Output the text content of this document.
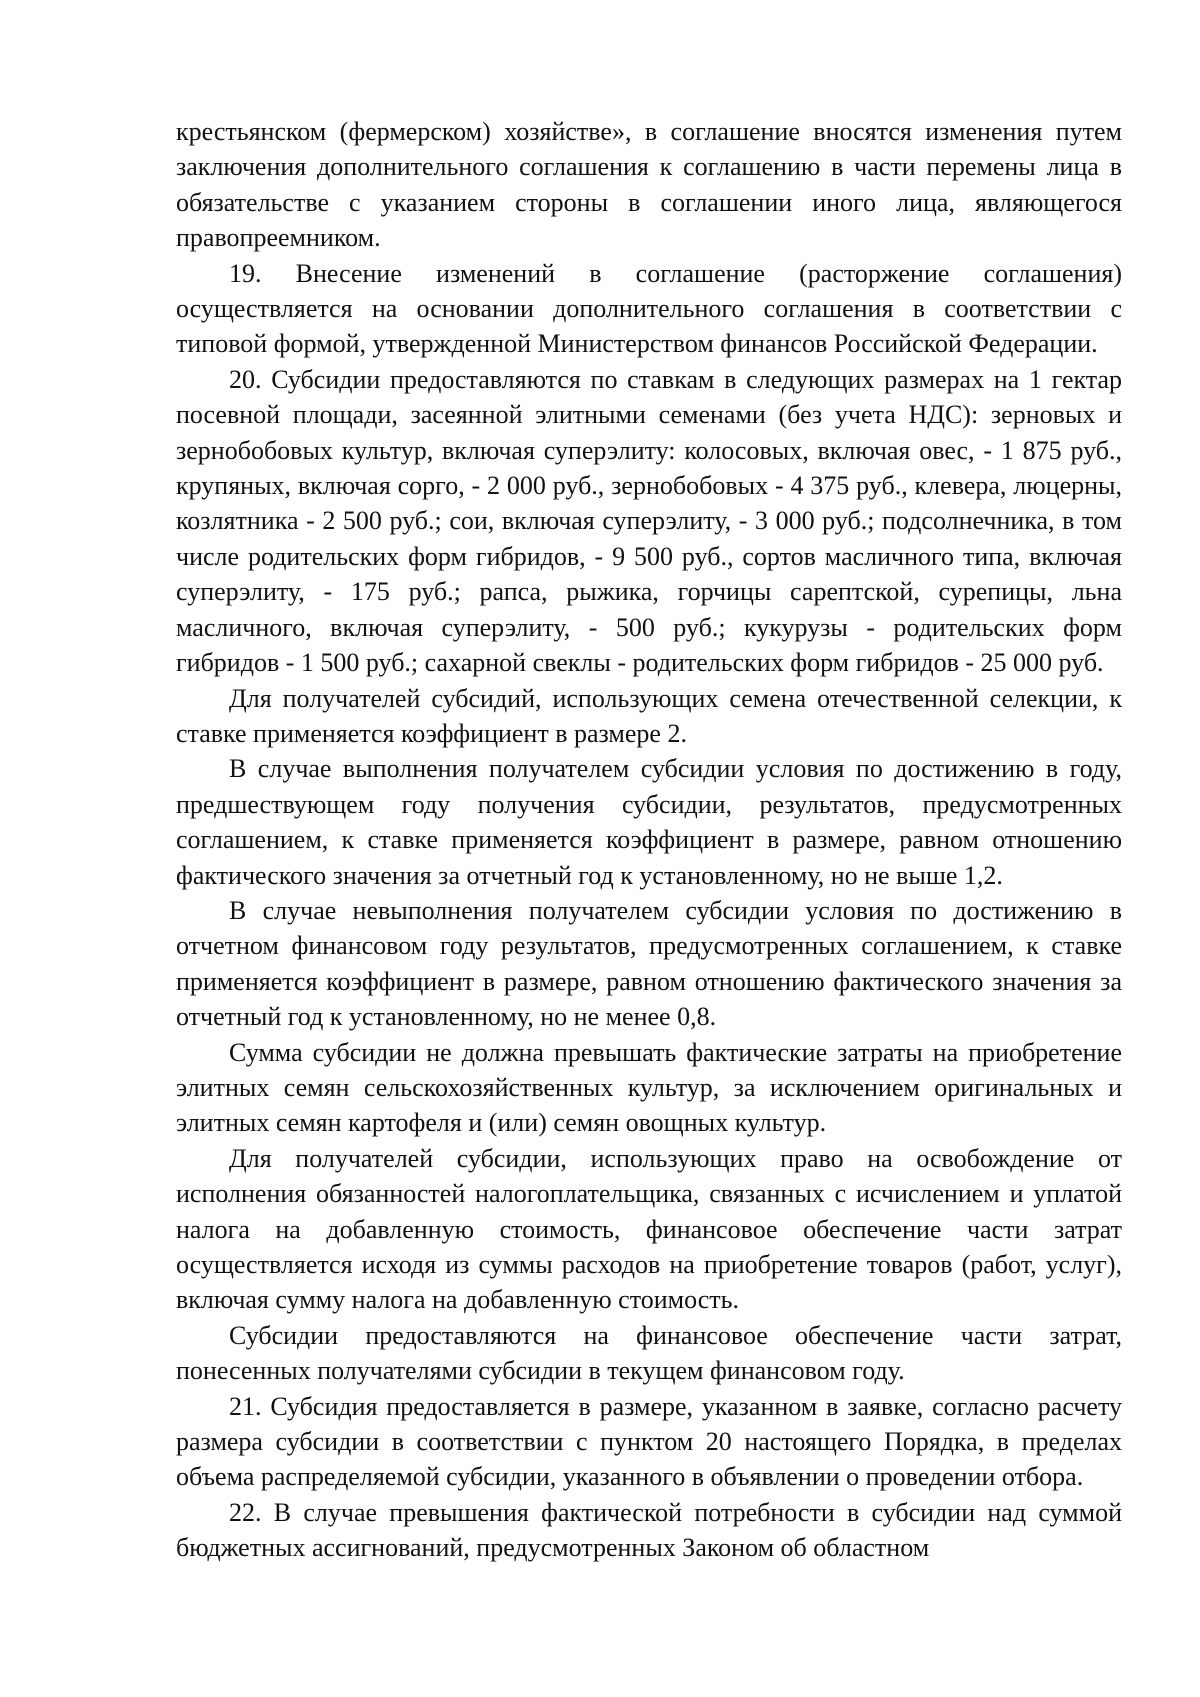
крестьянском (фермерском) хозяйстве», в соглашение вносятся изменения путем заключения дополнительного соглашения к соглашению в части перемены лица в обязательстве с указанием стороны в соглашении иного лица, являющегося правопреемником.

19. Внесение изменений в соглашение (расторжение соглашения) осуществляется на основании дополнительного соглашения в соответствии с типовой формой, утвержденной Министерством финансов Российской Федерации.

20. Субсидии предоставляются по ставкам в следующих размерах на 1 гектар посевной площади, засеянной элитными семенами (без учета НДС): зерновых и зернобобовых культур, включая суперэлиту: колосовых, включая овес, - 1 875 руб., крупяных, включая сорго, - 2 000 руб., зернобобовых - 4 375 руб., клевера, люцерны, козлятника - 2 500 руб.; сои, включая суперэлиту, - 3 000 руб.; подсолнечника, в том числе родительских форм гибридов, - 9 500 руб., сортов масличного типа, включая суперэлиту, - 175 руб.; рапса, рыжика, горчицы сарептской, сурепицы, льна масличного, включая суперэлиту, - 500 руб.; кукурузы - родительских форм гибридов - 1 500 руб.; сахарной свеклы - родительских форм гибридов - 25 000 руб.

Для получателей субсидий, использующих семена отечественной селекции, к ставке применяется коэффициент в размере 2.

В случае выполнения получателем субсидии условия по достижению в году, предшествующем году получения субсидии, результатов, предусмотренных соглашением, к ставке применяется коэффициент в размере, равном отношению фактического значения за отчетный год к установленному, но не выше 1,2.

В случае невыполнения получателем субсидии условия по достижению в отчетном финансовом году результатов, предусмотренных соглашением, к ставке применяется коэффициент в размере, равном отношению фактического значения за отчетный год к установленному, но не менее 0,8.

Сумма субсидии не должна превышать фактические затраты на приобретение элитных семян сельскохозяйственных культур, за исключением оригинальных и элитных семян картофеля и (или) семян овощных культур.

Для получателей субсидии, использующих право на освобождение от исполнения обязанностей налогоплательщика, связанных с исчислением и уплатой налога на добавленную стоимость, финансовое обеспечение части затрат осуществляется исходя из суммы расходов на приобретение товаров (работ, услуг), включая сумму налога на добавленную стоимость.

Субсидии предоставляются на финансовое обеспечение части затрат, понесенных получателями субсидии в текущем финансовом году.

21. Субсидия предоставляется в размере, указанном в заявке, согласно расчету размера субсидии в соответствии с пунктом 20 настоящего Порядка, в пределах объема распределяемой субсидии, указанного в объявлении о проведении отбора.

22. В случае превышения фактической потребности в субсидии над суммой бюджетных ассигнований, предусмотренных Законом об областном
